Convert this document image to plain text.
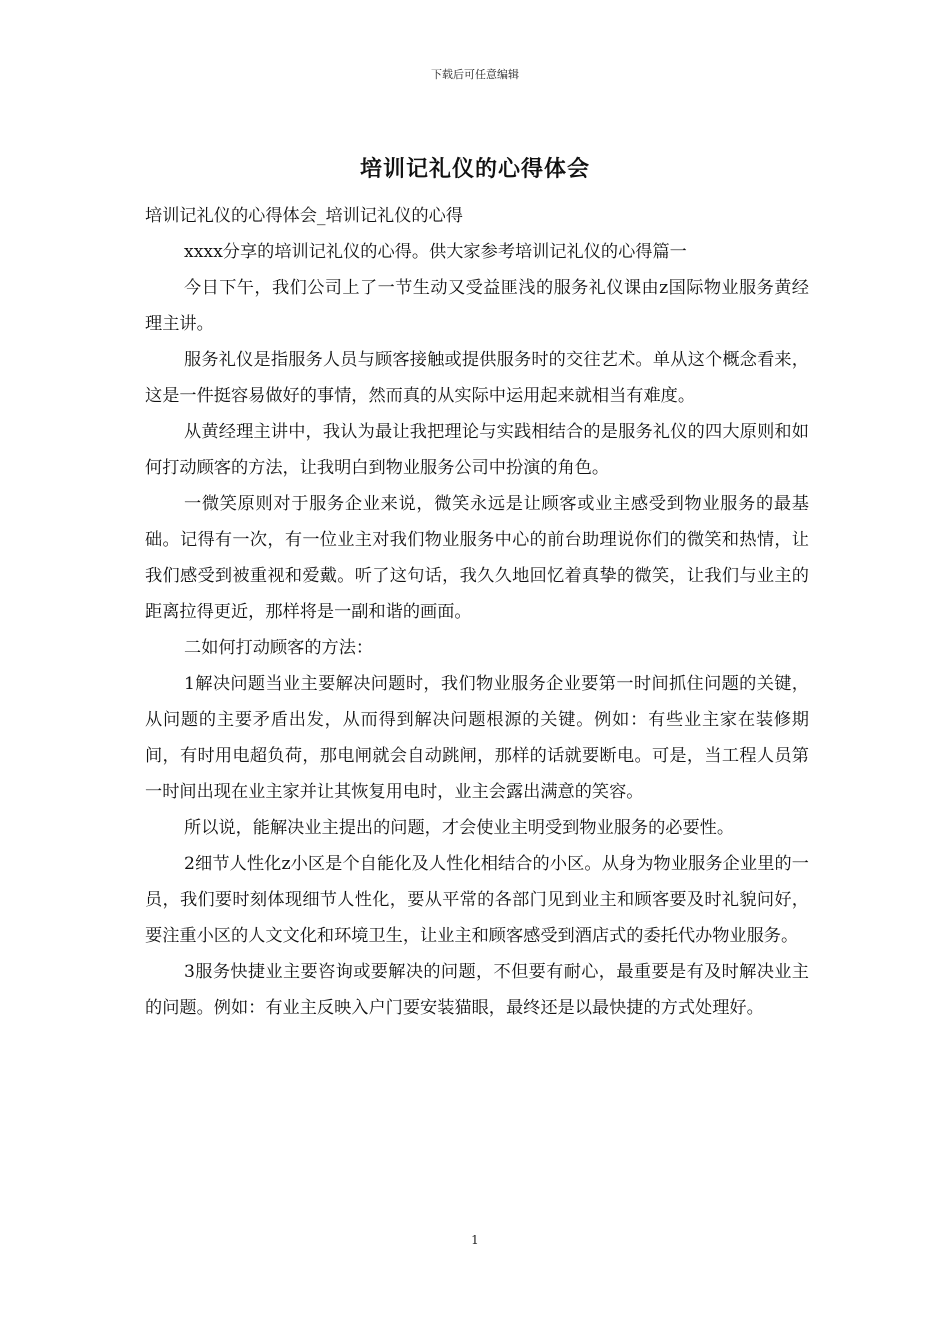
下载后可任意编辑
培训记礼仪的心得体会

培训记礼仪的心得体会_培训记礼仪的心得

xxxx分享的培训记礼仪的心得。供大家参考培训记礼仪的心得篇一

今日下午，我们公司上了一节生动又受益匪浅的服务礼仪课由z国际物业服务黄经理主讲。

服务礼仪是指服务人员与顾客接触或提供服务时的交往艺术。单从这个概念看来，这是一件挺容易做好的事情，然而真的从实际中运用起来就相当有难度。

从黄经理主讲中，我认为最让我把理论与实践相结合的是服务礼仪的四大原则和如何打动顾客的方法，让我明白到物业服务公司中扮演的角色。

一微笑原则对于服务企业来说，微笑永远是让顾客或业主感受到物业服务的最基础。记得有一次，有一位业主对我们物业服务中心的前台助理说你们的微笑和热情，让我们感受到被重视和爱戴。听了这句话，我久久地回忆着真挚的微笑，让我们与业主的距离拉得更近，那样将是一副和谐的画面。

二如何打动顾客的方法：

1解决问题当业主要解决问题时，我们物业服务企业要第一时间抓住问题的关键，从问题的主要矛盾出发，从而得到解决问题根源的关键。例如：有些业主家在装修期间，有时用电超负荷，那电闸就会自动跳闸，那样的话就要断电。可是，当工程人员第一时间出现在业主家并让其恢复用电时，业主会露出满意的笑容。

所以说，能解决业主提出的问题，才会使业主明受到物业服务的必要性。

2细节人性化z小区是个自能化及人性化相结合的小区。从身为物业服务企业里的一员，我们要时刻体现细节人性化，要从平常的各部门见到业主和顾客要及时礼貌问好，要注重小区的人文文化和环境卫生，让业主和顾客感受到酒店式的委托代办物业服务。

3服务快捷业主要咨询或要解决的问题，不但要有耐心，最重要是有及时解决业主的问题。例如：有业主反映入户门要安装猫眼，最终还是以最快捷的方式处理好。

1
